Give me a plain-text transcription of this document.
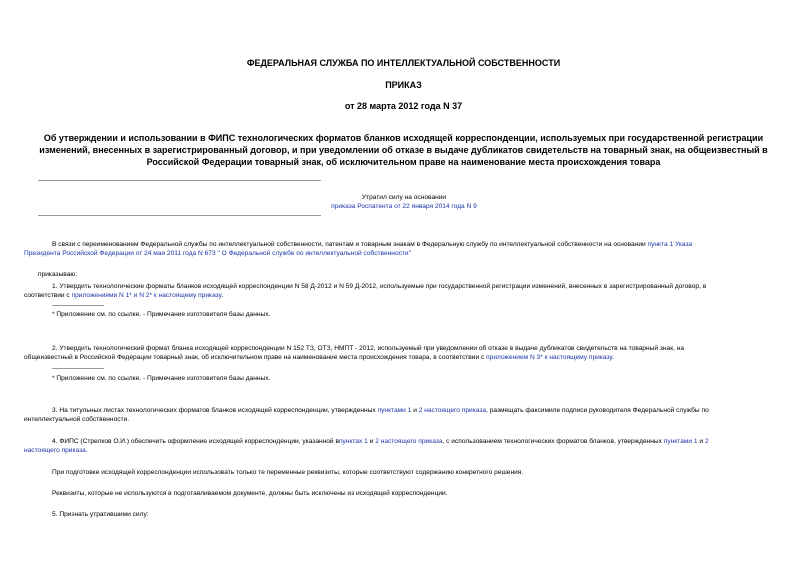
ФЕДЕРАЛЬНАЯ СЛУЖБА ПО ИНТЕЛЛЕКТУАЛЬНОЙ СОБСТВЕННОСТИ
ПРИКАЗ
от 28 марта 2012 года N 37
Об утверждении и использовании в ФИПС технологических форматов бланков исходящей корреспонденции, используемых при государственной регистрации
изменений, внесенных в зарегистрированный договор, и при уведомлении об отказе в выдаче дубликатов свидетельств на товарный знак, на общеизвестный в
Российской Федерации товарный знак, об исключительном праве на наименование места происхождения товара
Утратил силу на основании
приказа Роспатента от 22 января 2014 года N 9
В связи с переименованием Федеральной службы по интеллектуальной собственности, патентам и товарным знакам в Федеральную службу по интеллектуальной собственности на основании пункта 1 Указа
Президента Российской Федерации от 24 мая 2011 года N 673 " О Федеральной службе по интеллектуальной собственности"
приказываю:
1. Утвердить технологические форматы бланков исходящей корреспонденции N 58 Д-2012 и N 59 Д-2012, используемые при государственной регистрации изменений, внесенных в зарегистрированный договор, в
соответствии с приложениями N 1* и N 2* к настоящему приказу.
* Приложение см. по ссылке. - Примечание изготовителя базы данных.
2. Утвердить технологический формат бланка исходящей корреспонденции N 152 ТЗ, ОТЗ, НМПТ - 2012, используемый при уведомлении об отказе в выдаче дубликатов свидетельств на товарный знак, на
общеизвестный в Российской Федерации товарный знак, об исключительном праве на наименование места происхождения товара, в соответствии с приложением N 3* к настоящему приказу.
* Приложение см. по ссылке. - Примечание изготовителя базы данных.
3. На титульных листах технологических форматов бланков исходящей корреспонденции, утвержденных пунктами 1 и 2 настоящего приказа, размещать факсимиле подписи руководителя Федеральной службы по
интеллектуальной собственности.
4. ФИПС (Стрелков О.И.) обеспечить оформление исходящей корреспонденции, указанной впунктах 1 и 2 настоящего приказа, с использованием технологических форматов бланков, утвержденных пунктами 1 и 2
настоящего приказа.
При подготовке исходящей корреспонденции использовать только те переменные реквизиты, которые соответствуют содержанию конкретного решения.
Реквизиты, которые не используются в подготавливаемом документе, должны быть исключены из исходящей корреспонденции.
5. Признать утратившими силу:
